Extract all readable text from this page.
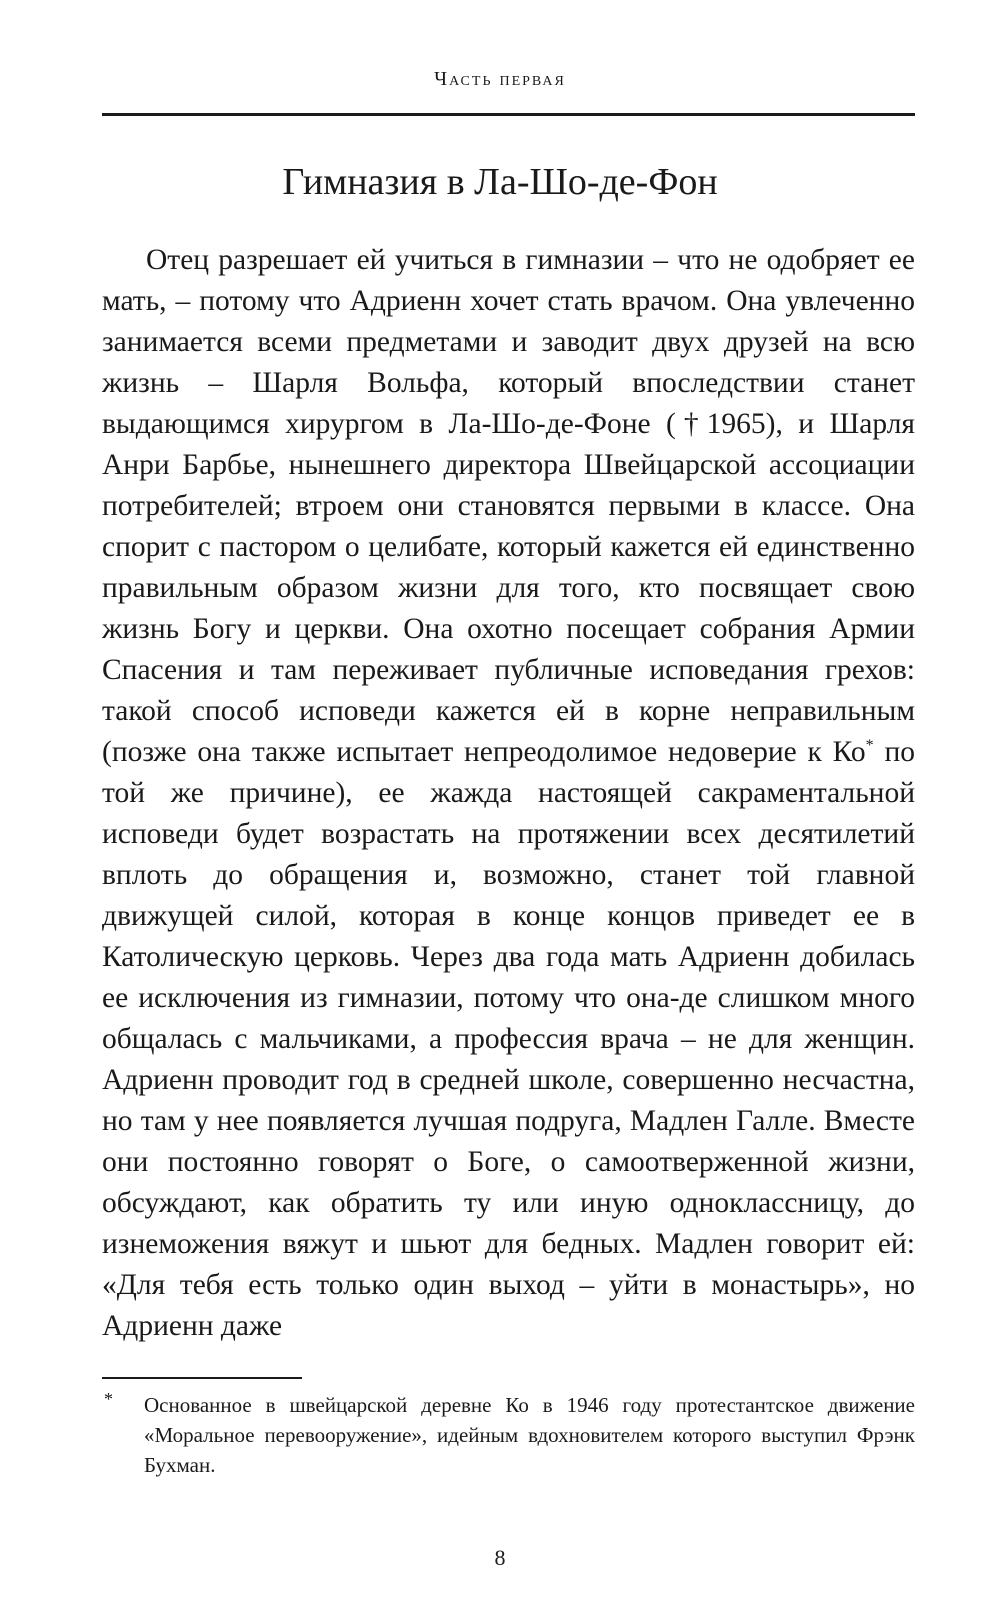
Часть первая
Гимназия в Ла-Шо-де-Фон

Отец разрешает ей учиться в гимназии – что не одобряет ее мать, – потому что Адриенн хочет стать врачом. Она увлеченно занимается всеми предметами и заводит двух друзей на всю жизнь – Шарля Вольфа, который впоследствии станет выдающимся хирургом в Ла-Шо-де-Фоне (†1965), и Шарля Анри Барбье, нынешнего директора Швейцарской ассоциации потребителей; втроем они становятся первыми в классе. Она спорит с пастором о целибате, который кажется ей единственно правильным образом жизни для того, кто посвящает свою жизнь Богу и церкви. Она охотно посещает собрания Армии Спасения и там переживает публичные исповедания грехов: такой способ исповеди кажется ей в корне неправильным (позже она также испытает непреодолимое недоверие к Ко* по той же причине), ее жажда настоящей сакраментальной исповеди будет возрастать на протяжении всех десятилетий вплоть до обращения и, возможно, станет той главной движущей силой, которая в конце концов приведет ее в Католическую церковь. Через два года мать Адриенн добилась ее исключения из гимназии, потому что она-де слишком много общалась с мальчиками, а профессия врача – не для женщин. Адриенн проводит год в средней школе, совершенно несчастна, но там у нее появляется лучшая подруга, Мадлен Галле. Вместе они постоянно говорят о Боге, о самоотверженной жизни, обсуждают, как обратить ту или иную одноклассницу, до изнеможения вяжут и шьют для бедных. Мадлен говорит ей: «Для тебя есть только один выход – уйти в монастырь», но Адриенн даже

* Основанное в швейцарской деревне Ко в 1946 году протестантское движение «Моральное перевооружение», идейным вдохновителем которого выступил Фрэнк Бухман.
8
